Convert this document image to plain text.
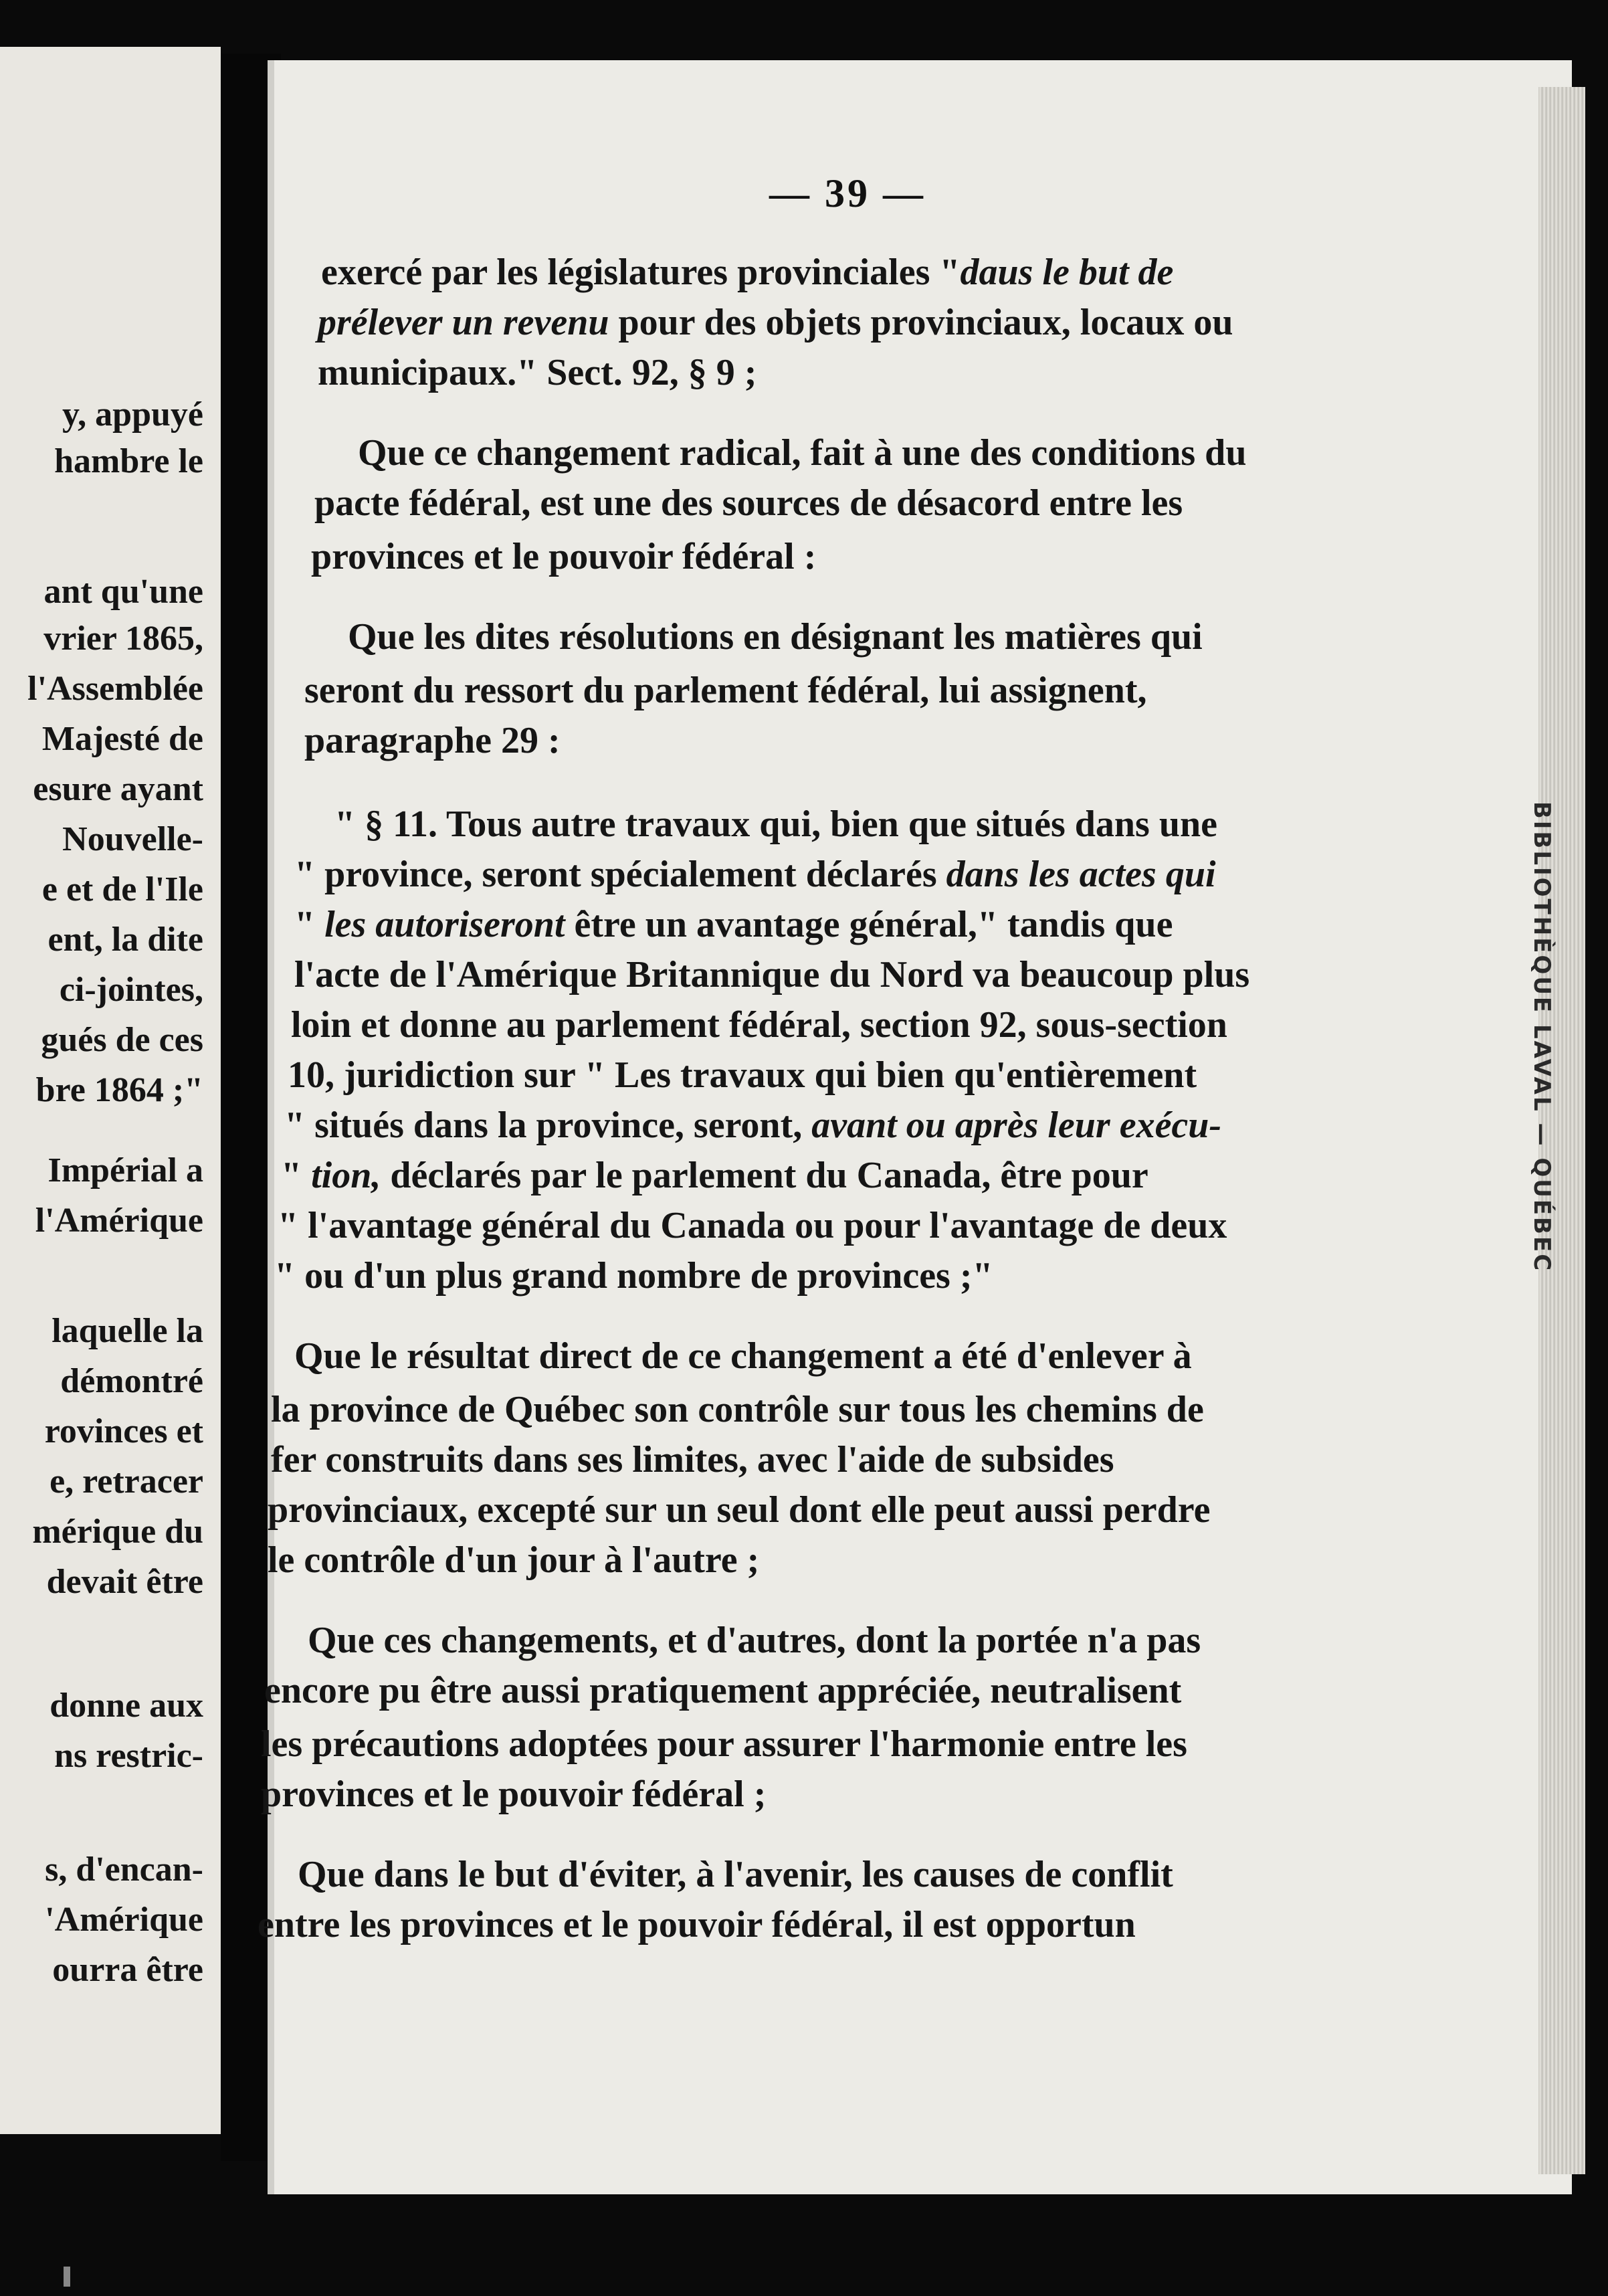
y, appuyé
hambre le
ant qu'une
vrier 1865,
l'Assemblée
Majesté de
esure ayant
Nouvelle-
e et de l'Ile
ent, la dite
ci-jointes,
gués de ces
bre 1864 ;"
Impérial a
l'Amérique
laquelle la
démontré
rovinces et
e, retracer
mérique du
devait être
donne aux
ns restric-
s, d'encan-
'Amérique
ourra être
BIBLIOTHÈQUE LAVAL — QUÉBEC
— 39 —
exercé par les législatures provinciales "daus le but de
prélever un revenu pour des objets provinciaux, locaux ou
municipaux." Sect. 92, § 9 ;
Que ce changement radical, fait à une des conditions du
pacte fédéral, est une des sources de désacord entre les
provinces et le pouvoir fédéral :
Que les dites résolutions en désignant les matières qui
seront du ressort du parlement fédéral, lui assignent,
paragraphe 29 :
" § 11. Tous autre travaux qui, bien que situés dans une
" province, seront spécialement déclarés dans les actes qui
" les autoriseront être un avantage général," tandis que
l'acte de l'Amérique Britannique du Nord va beaucoup plus
loin et donne au parlement fédéral, section 92, sous-section
10, juridiction sur " Les travaux qui bien qu'entièrement
" situés dans la province, seront, avant ou après leur exécu-
" tion, déclarés par le parlement du Canada, être pour
" l'avantage général du Canada ou pour l'avantage de deux
" ou d'un plus grand nombre de provinces ;"
Que le résultat direct de ce changement a été d'enlever à
la province de Québec son contrôle sur tous les chemins de
fer construits dans ses limites, avec l'aide de subsides
provinciaux, excepté sur un seul dont elle peut aussi perdre
le contrôle d'un jour à l'autre ;
Que ces changements, et d'autres, dont la portée n'a pas
encore pu être aussi pratiquement appréciée, neutralisent
les précautions adoptées pour assurer l'harmonie entre les
provinces et le pouvoir fédéral ;
Que dans le but d'éviter, à l'avenir, les causes de conflit
entre les provinces et le pouvoir fédéral, il est opportun
